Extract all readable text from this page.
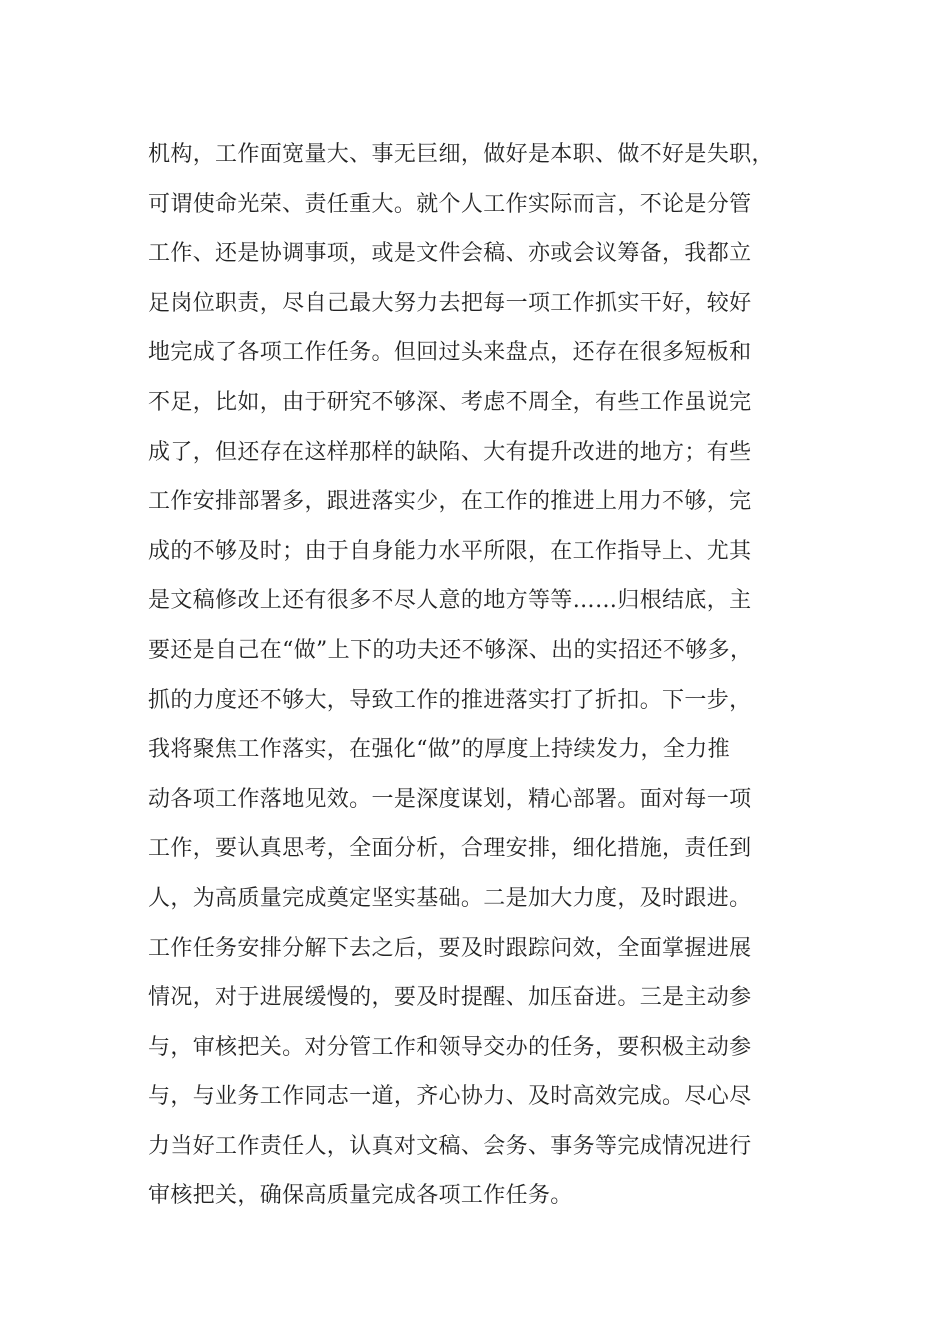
机构，工作面宽量大、事无巨细，做好是本职、做不好是失职，
可谓使命光荣、责任重大。就个人工作实际而言，不论是分管
工作、还是协调事项，或是文件会稿、亦或会议筹备，我都立
足岗位职责，尽自己最大努力去把每一项工作抓实干好，较好
地完成了各项工作任务。但回过头来盘点，还存在很多短板和
不足，比如，由于研究不够深、考虑不周全，有些工作虽说完
成了，但还存在这样那样的缺陷、大有提升改进的地方；有些
工作安排部署多，跟进落实少，在工作的推进上用力不够，完
成的不够及时；由于自身能力水平所限，在工作指导上、尤其
是文稿修改上还有很多不尽人意的地方等等……归根结底，主
要还是自己在“做”上下的功夫还不够深、出的实招还不够多，
抓的力度还不够大，导致工作的推进落实打了折扣。下一步，
我将聚焦工作落实，在强化“做”的厚度上持续发力，全力推
动各项工作落地见效。一是深度谋划，精心部署。面对每一项
工作，要认真思考，全面分析，合理安排，细化措施，责任到
人，为高质量完成奠定坚实基础。二是加大力度，及时跟进。
工作任务安排分解下去之后，要及时跟踪问效，全面掌握进展
情况，对于进展缓慢的，要及时提醒、加压奋进。三是主动参
与，审核把关。对分管工作和领导交办的任务，要积极主动参
与，与业务工作同志一道，齐心协力、及时高效完成。尽心尽
力当好工作责任人，认真对文稿、会务、事务等完成情况进行
审核把关，确保高质量完成各项工作任务。
